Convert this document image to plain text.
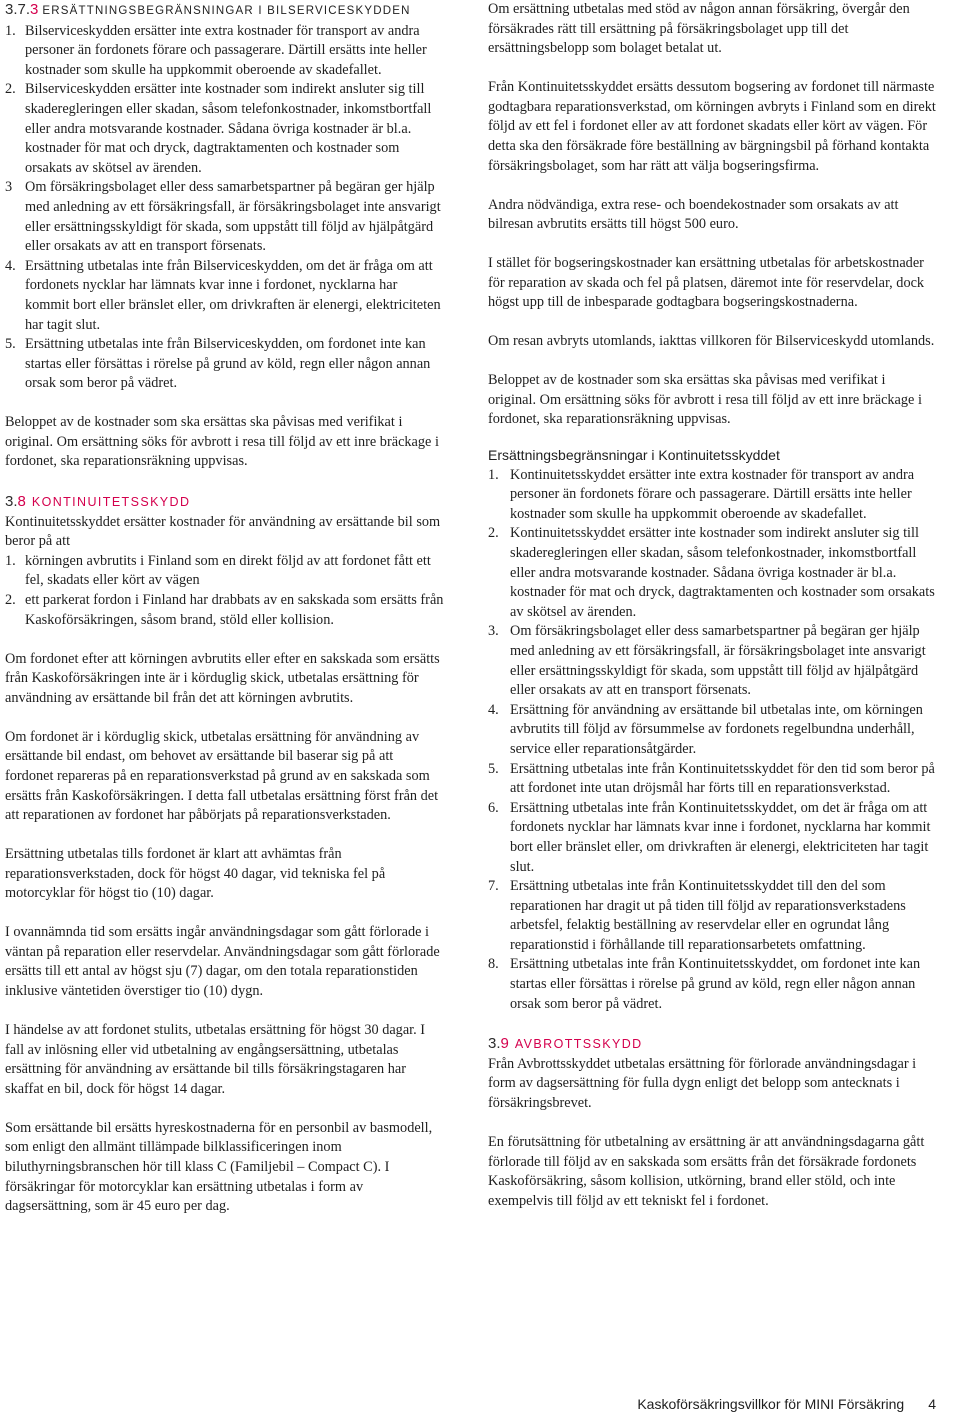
3.7.3 ERSÄTTNINGSBEGRÄNSNINGAR I BILSERVICESKYDDEN

1. Bilserviceskydden ersätter inte extra kostnader för transport av andra personer än fordonets förare och passagerare. Därtill ersätts inte heller kostnader som skulle ha uppkommit oberoende av skadefallet.
2. Bilserviceskydden ersätter inte kostnader som indirekt ansluter sig till skaderegleringen eller skadan, såsom telefonkostnader, inkomstbortfall eller andra motsvarande kostnader. Sådana övriga kostnader är bl.a. kostnader för mat och dryck, dagtraktamenten och kostnader som orsakats av skötsel av ärenden.
3 Om försäkringsbolaget eller dess samarbetspartner på begäran ger hjälp med anledning av ett försäkringsfall, är försäkringsbolaget inte ansvarigt eller ersättningsskyldigt för skada, som uppstått till följd av hjälpåtgärd eller orsakats av att en transport försenats.
4. Ersättning utbetalas inte från Bilserviceskydden, om det är fråga om att fordonets nycklar har lämnats kvar inne i fordonet, nycklarna har kommit bort eller bränslet eller, om drivkraften är elenergi, elektriciteten har tagit slut.
5. Ersättning utbetalas inte från Bilserviceskydden, om fordonet inte kan startas eller försättas i rörelse på grund av köld, regn eller någon annan orsak som beror på vädret.

Beloppet av de kostnader som ska ersättas ska påvisas med verifikat i original. Om ersättning söks för avbrott i resa till följd av ett inre bräckage i fordonet, ska reparationsräkning uppvisas.

3.8 KONTINUITETSSKYDD

Kontinuitetsskyddet ersätter kostnader för användning av ersättande bil som beror på att

1. körningen avbrutits i Finland som en direkt följd av att fordonet fått ett fel, skadats eller kört av vägen
2. ett parkerat fordon i Finland har drabbats av en sakskada som ersätts från Kaskoförsäkringen, såsom brand, stöld eller kollision.

Om fordonet efter att körningen avbrutits eller efter en sakskada som ersätts från Kaskoförsäkringen inte är i körduglig skick, utbetalas ersättning för användning av ersättande bil från det att körningen avbrutits.

Om fordonet är i körduglig skick, utbetalas ersättning för användning av ersättande bil endast, om behovet av ersättande bil baserar sig på att fordonet repareras på en reparationsverkstad på grund av en sakskada som ersätts från Kaskoförsäkringen. I detta fall utbetalas ersättning först från det att reparationen av fordonet har påbörjats på reparationsverkstaden.

Ersättning utbetalas tills fordonet är klart att avhämtas från reparationsverkstaden, dock för högst 40 dagar, vid tekniska fel på motorcyklar för högst tio (10) dagar.

I ovannämnda tid som ersätts ingår användningsdagar som gått förlorade i väntan på reparation eller reservdelar. Användningsdagar som gått förlorade ersätts till ett antal av högst sju (7) dagar, om den totala reparationstiden inklusive väntetiden överstiger tio (10) dygn.

I händelse av att fordonet stulits, utbetalas ersättning för högst 30 dagar. I fall av inlösning eller vid utbetalning av engångsersättning, utbetalas ersättning för användning av ersättande bil tills försäkringstagaren har skaffat en bil, dock för högst 14 dagar.

Som ersättande bil ersätts hyreskostnaderna för en personbil av basmodell, som enligt den allmänt tillämpade bilklassificeringen inom biluthyrningsbranschen hör till klass C (Familjebil – Compact C). I försäkringar för motorcyklar kan ersättning utbetalas i form av dagsersättning, som är 45 euro per dag.

Om ersättning utbetalas med stöd av någon annan försäkring, övergår den försäkrades rätt till ersättning på försäkringsbolaget upp till det ersättningsbelopp som bolaget betalat ut.

Från Kontinuitetsskyddet ersätts dessutom bogsering av fordonet till närmaste godtagbara reparationsverkstad, om körningen avbryts i Finland som en direkt följd av ett fel i fordonet eller av att fordonet skadats eller kört av vägen. För detta ska den försäkrade före beställning av bärgningsbil på förhand kontakta försäkringsbolaget, som har rätt att välja bogseringsfirma.

Andra nödvändiga, extra rese- och boendekostnader som orsakats av att bilresan avbrutits ersätts till högst 500 euro.

I stället för bogseringskostnader kan ersättning utbetalas för arbetskostnader för reparation av skada och fel på platsen, däremot inte för reservdelar, dock högst upp till de inbesparade godtagbara bogseringskostnaderna.

Om resan avbryts utomlands, iakttas villkoren för Bilserviceskydd utomlands.

Beloppet av de kostnader som ska ersättas ska påvisas med verifikat i original. Om ersättning söks för avbrott i resa till följd av ett inre bräckage i fordonet, ska reparationsräkning uppvisas.

Ersättningsbegränsningar i Kontinuitetsskyddet

1. Kontinuitetsskyddet ersätter inte extra kostnader för transport av andra personer än fordonets förare och passagerare. Därtill ersätts inte heller kostnader som skulle ha uppkommit oberoende av skadefallet.
2. Kontinuitetsskyddet ersätter inte kostnader som indirekt ansluter sig till skaderegleringen eller skadan, såsom telefonkostnader, inkomstbortfall eller andra motsvarande kostnader. Sådana övriga kostnader är bl.a. kostnader för mat och dryck, dagtraktamenten och kostnader som orsakats av skötsel av ärenden.
3. Om försäkringsbolaget eller dess samarbetspartner på begäran ger hjälp med anledning av ett försäkringsfall, är försäkringsbolaget inte ansvarigt eller ersättningsskyldigt för skada, som uppstått till följd av hjälpåtgärd eller orsakats av att en transport försenats.
4. Ersättning för användning av ersättande bil utbetalas inte, om körningen avbrutits till följd av försummelse av fordonets regelbundna underhåll, service eller reparationsåtgärder.
5. Ersättning utbetalas inte från Kontinuitetsskyddet för den tid som beror på att fordonet inte utan dröjsmål har förts till en reparationsverkstad.
6. Ersättning utbetalas inte från Kontinuitetsskyddet, om det är fråga om att fordonets nycklar har lämnats kvar inne i fordonet, nycklarna har kommit bort eller bränslet eller, om drivkraften är elenergi, elektriciteten har tagit slut.
7. Ersättning utbetalas inte från Kontinuitetsskyddet till den del som reparationen har dragit ut på tiden till följd av reparationsverkstadens arbetsfel, felaktig beställning av reservdelar eller en ogrundat lång reparationstid i förhållande till reparationsarbetets omfattning.
8. Ersättning utbetalas inte från Kontinuitetsskyddet, om fordonet inte kan startas eller försättas i rörelse på grund av köld, regn eller någon annan orsak som beror på vädret.

3.9 AVBROTTSSKYDD

Från Avbrottsskyddet utbetalas ersättning för förlorade användningsdagar i form av dagsersättning för fulla dygn enligt det belopp som antecknats i försäkringsbrevet.

En förutsättning för utbetalning av ersättning är att användningsdagarna gått förlorade till följd av en sakskada som ersätts från det försäkrade fordonets Kaskoförsäkring, såsom kollision, utkörning, brand eller stöld, och inte exempelvis till följd av ett tekniskt fel i fordonet.

Kaskoförsäkringsvillkor för MINI Försäkring 4
